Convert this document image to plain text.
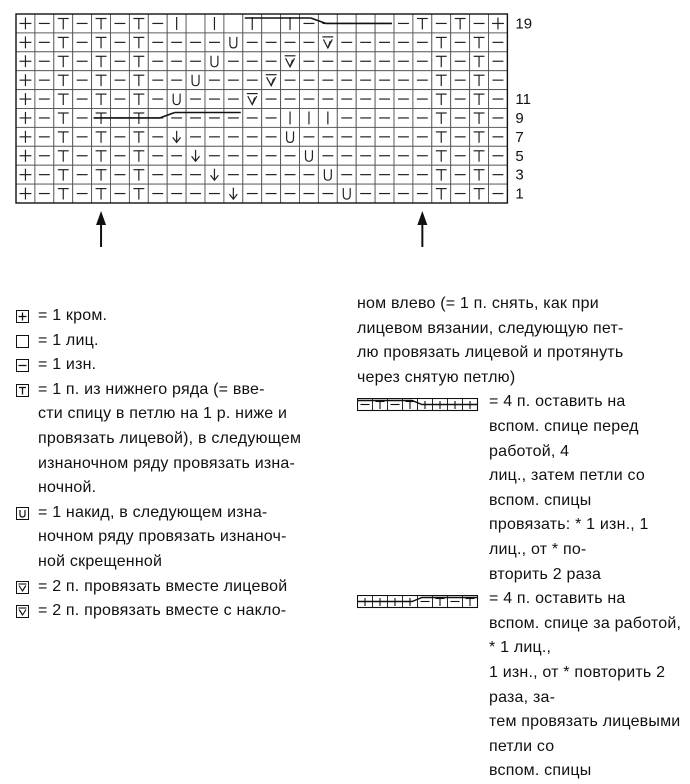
19
11
9
7
5
3
1
= 1 кром.
= 1 лиц.
= 1 изн.
= 1 п. из нижнего ряда (= вве-
сти спицу в петлю на 1 р. ниже и
провязать лицевой), в следующем
изнаночном ряду провязать изна-
ночной.
= 1 накид, в следующем изна-
ночном ряду провязать изнаноч-
ной скрещенной
= 2 п. провязать вместе лицевой
= 2 п. провязать вместе с накло-
ном влево (= 1 п. снять, как при
лицевом вязании, следующую пет-
лю провязать лицевой и протянуть
через снятую петлю)
= 4 п. оставить на
вспом. спице перед работой, 4
лиц., затем петли со вспом. спицы
провязать: * 1 изн., 1 лиц., от * по-
вторить 2 раза
= 4 п. оставить на
вспом. спице за работой, * 1 лиц.,
1 изн., от * повторить 2 раза, за-
тем провязать лицевыми петли со
вспом. спицы
